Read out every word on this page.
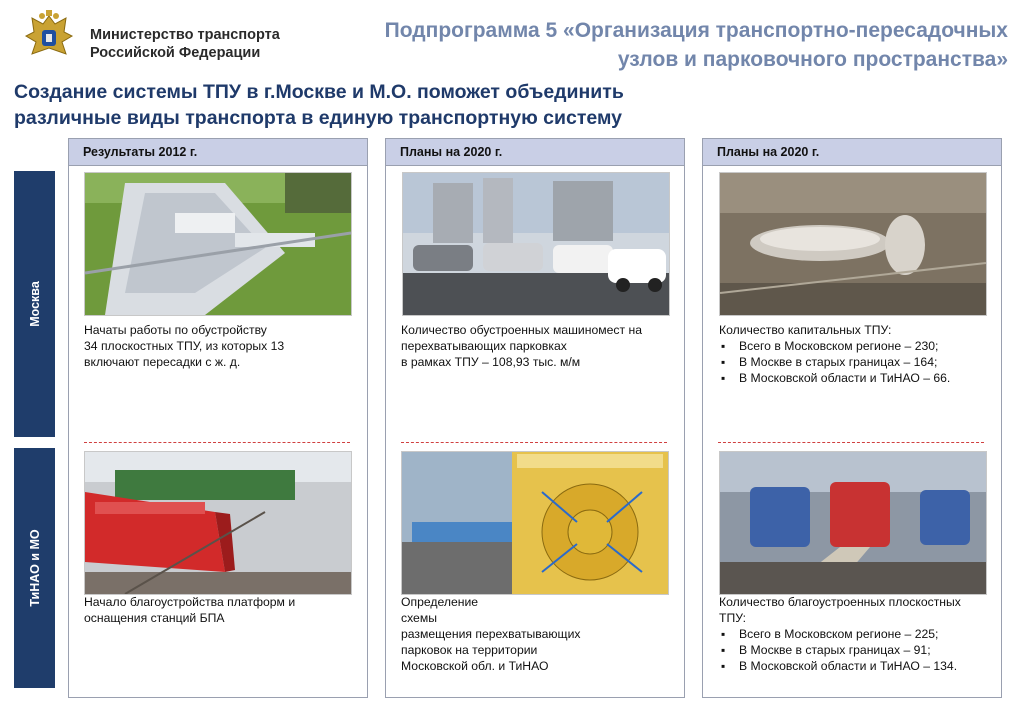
Министерство транспорта
Российской Федерации
Подпрограмма 5 «Организация транспортно-пересадочных
узлов и парковочного пространства»
Создание системы ТПУ в г.Москве и М.О. поможет объединить
различные виды транспорта в единую транспортную систему
Москва
ТиНАО и МО
Результаты 2012 г.	Планы на 2020 г.	Планы на 2020 г.
Начаты работы по обустройству
34 плоскостных ТПУ, из которых 13
включают пересадки с ж. д.
Количество обустроенных машиномест на
перехватывающих парковках
в рамках ТПУ – 108,93 тыс. м/м
Количество капитальных ТПУ:
▪ Всего в Московском регионе – 230;
▪ В Москве в старых границах – 164;
▪ В Московской области и ТиНАО – 66.
Начало благоустройства платформ и
оснащения станций БПА
Определение
схемы
размещения перехватывающих
парковок на территории
Московской обл. и ТиНАО
Количество благоустроенных плоскостных
ТПУ:
▪ Всего в Московском регионе – 225;
▪ В Москве в старых границах – 91;
▪ В Московской области и ТиНАО – 134.
